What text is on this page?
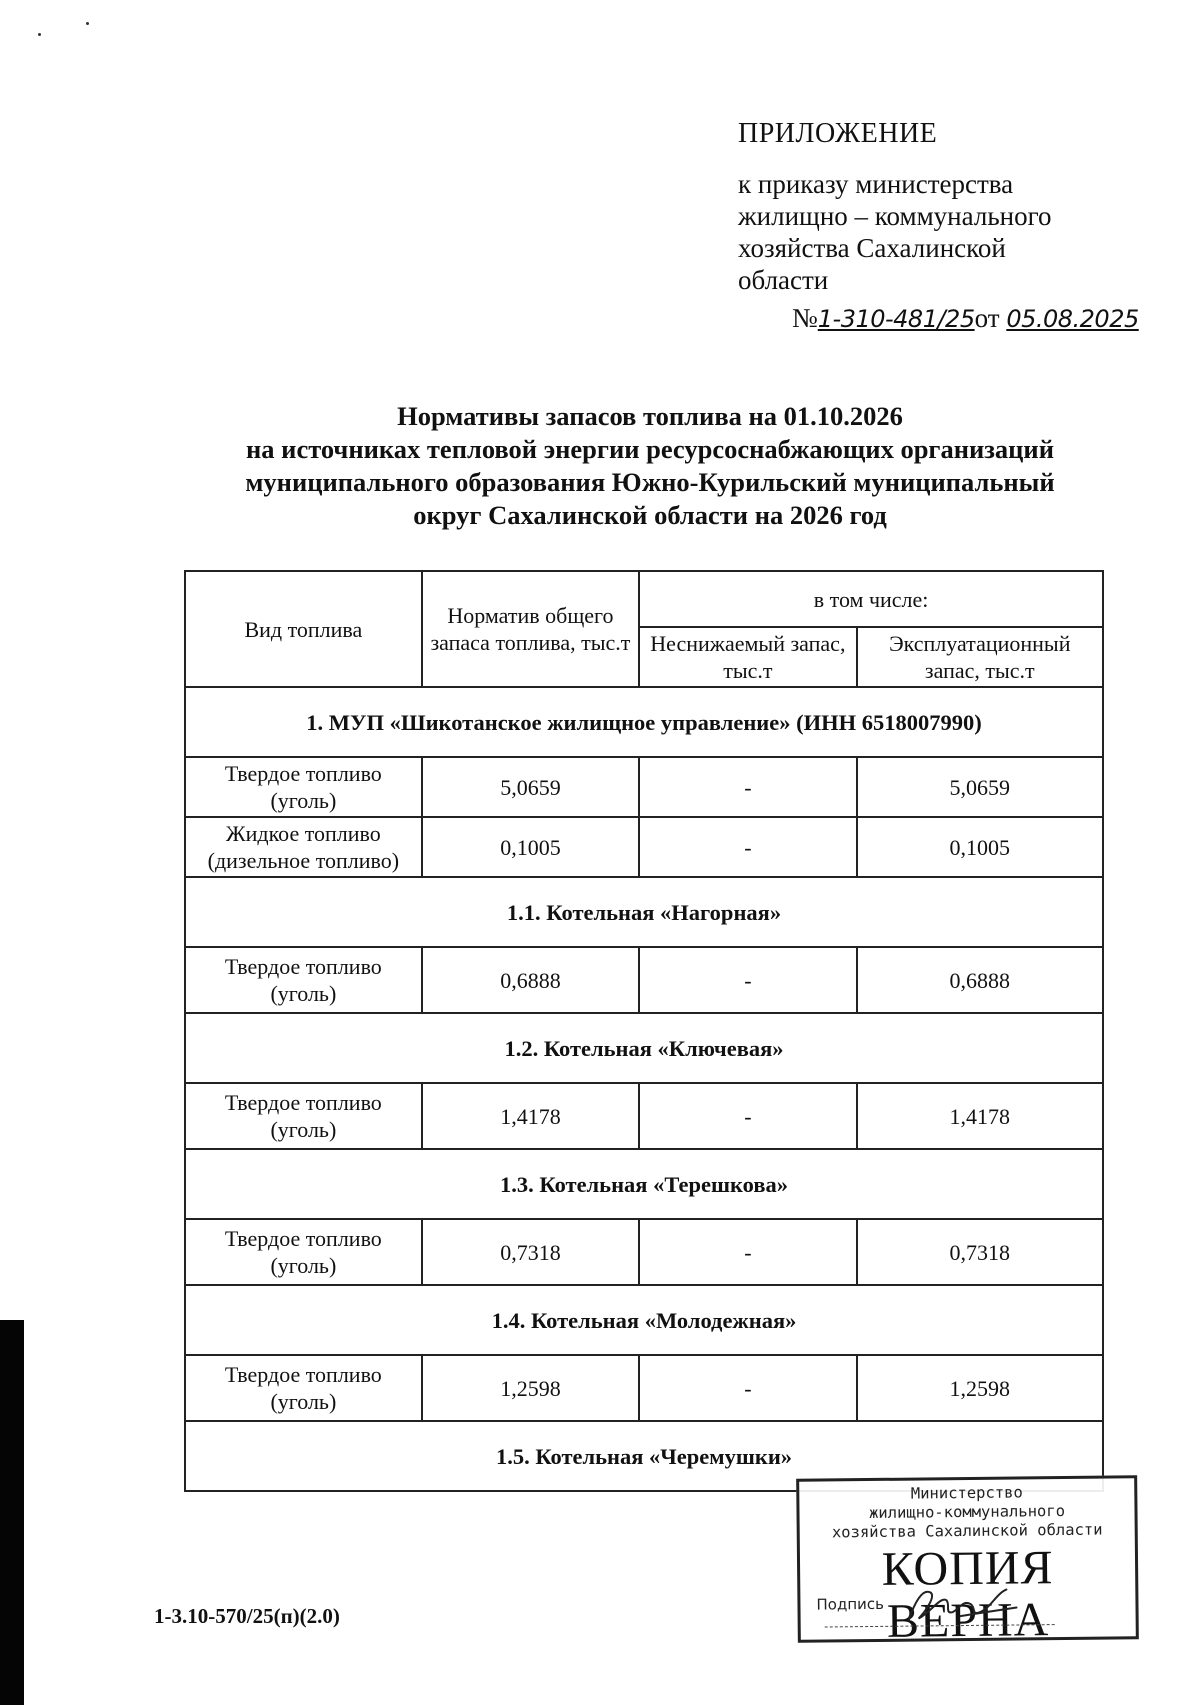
ПРИЛОЖЕНИЕ
к приказу министерства
жилищно – коммунального
хозяйства Сахалинской
области
№1-310-481/25от 05.08.2025
Нормативы запасов топлива на 01.10.2026
на источниках тепловой энергии ресурсоснабжающих организаций
муниципального образования Южно-Курильский муниципальный
округ Сахалинской области на 2026 год
Вид топлива	Норматив общего запаса топлива, тыс.т	в том числе:	
		Неснижаемый запас, тыс.т	Эксплуатационный запас, тыс.т
1. МУП «Шикотанское жилищное управление» (ИНН 6518007990)			
Твердое топливо (уголь)	5,0659	-	5,0659
Жидкое топливо (дизельное топливо)	0,1005	-	0,1005
1.1. Котельная «Нагорная»			
Твердое топливо (уголь)	0,6888	-	0,6888
1.2. Котельная «Ключевая»			
Твердое топливо (уголь)	1,4178	-	1,4178
1.3. Котельная «Терешкова»			
Твердое топливо (уголь)	0,7318	-	0,7318
1.4. Котельная «Молодежная»			
Твердое топливо (уголь)	1,2598	-	1,2598
1.5. Котельная «Черемушки»			
1-3.10-570/25(п)(2.0)
Министерство
жилищно-коммунального
хозяйства Сахалинской области
КОПИЯ ВЕРНА
Подпись
